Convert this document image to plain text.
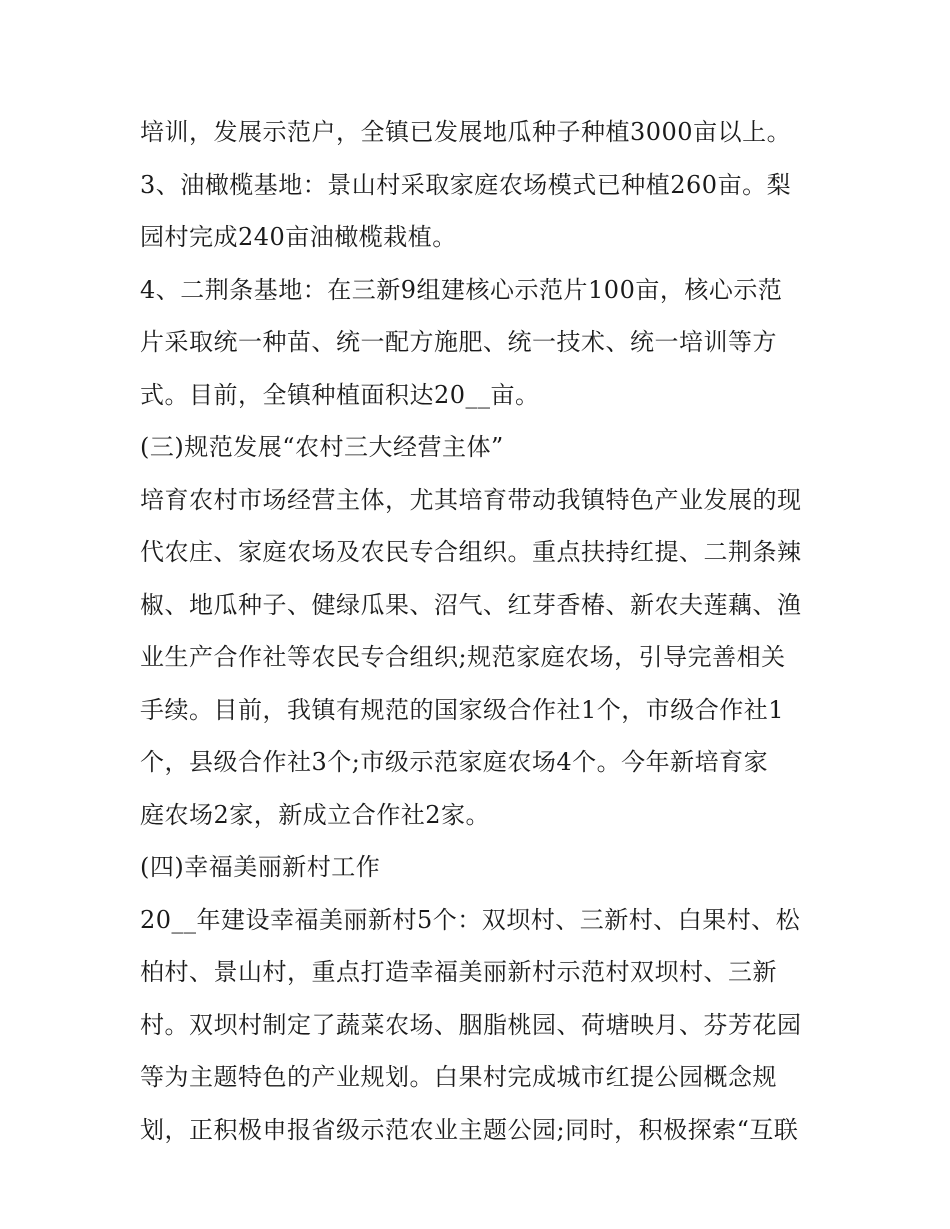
培训，发展示范户，全镇已发展地瓜种子种植3000亩以上。
3、油橄榄基地：景山村采取家庭农场模式已种植260亩。梨
园村完成240亩油橄榄栽植。
4、二荆条基地：在三新9组建核心示范片100亩，核心示范
片采取统一种苗、统一配方施肥、统一技术、统一培训等方
式。目前，全镇种植面积达20__亩。
(三)规范发展“农村三大经营主体”
培育农村市场经营主体，尤其培育带动我镇特色产业发展的现
代农庄、家庭农场及农民专合组织。重点扶持红提、二荆条辣
椒、地瓜种子、健绿瓜果、沼气、红芽香椿、新农夫莲藕、渔
业生产合作社等农民专合组织;规范家庭农场，引导完善相关
手续。目前，我镇有规范的国家级合作社1个，市级合作社1
个，县级合作社3个;市级示范家庭农场4个。今年新培育家
庭农场2家，新成立合作社2家。
(四)幸福美丽新村工作
20__年建设幸福美丽新村5个：双坝村、三新村、白果村、松
柏村、景山村，重点打造幸福美丽新村示范村双坝村、三新
村。双坝村制定了蔬菜农场、胭脂桃园、荷塘映月、芬芳花园
等为主题特色的产业规划。白果村完成城市红提公园概念规
划，正积极申报省级示范农业主题公园;同时，积极探索“互联
